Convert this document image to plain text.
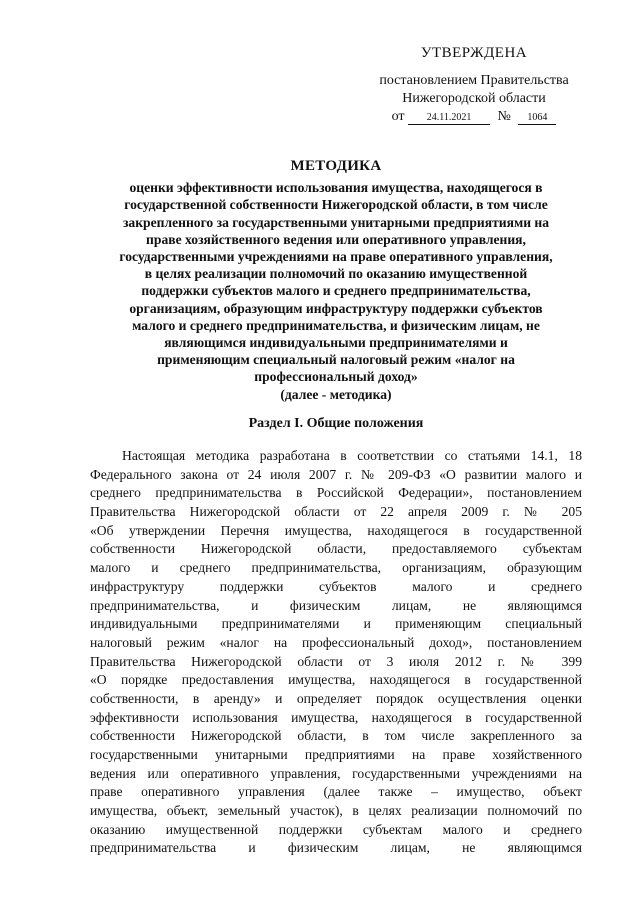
УТВЕРЖДЕНА
постановлением Правительства
Нижегородской области
от 24.11.2021 № 1064
МЕТОДИКА
оценки эффективности использования имущества, находящегося в
государственной собственности Нижегородской области, в том числе
закрепленного за государственными унитарными предприятиями на
праве хозяйственного ведения или оперативного управления,
государственными учреждениями на праве оперативного управления,
в целях реализации полномочий по оказанию имущественной
поддержки субъектов малого и среднего предпринимательства,
организациям, образующим инфраструктуру поддержки субъектов
малого и среднего предпринимательства, и физическим лицам, не
являющимся индивидуальными предпринимателями и
применяющим специальный налоговый режим «налог на
профессиональный доход»
(далее - методика)
Раздел I. Общие положения
Настоящая методика разработана в соответствии со статьями 14.1, 18
Федерального закона от 24 июля 2007 г. № 209-ФЗ «О развитии малого и
среднего предпринимательства в Российской Федерации», постановлением
Правительства Нижегородской области от 22 апреля 2009 г. № 205
«Об утверждении Перечня имущества, находящегося в государственной
собственности Нижегородской области, предоставляемого субъектам
малого и среднего предпринимательства, организациям, образующим
инфраструктуру поддержки субъектов малого и среднего
предпринимательства, и физическим лицам, не являющимся
индивидуальными предпринимателями и применяющим специальный
налоговый режим «налог на профессиональный доход», постановлением
Правительства Нижегородской области от 3 июля 2012 г. № 399
«О порядке предоставления имущества, находящегося в государственной
собственности, в аренду» и определяет порядок осуществления оценки
эффективности использования имущества, находящегося в государственной
собственности Нижегородской области, в том числе закрепленного за
государственными унитарными предприятиями на праве хозяйственного
ведения или оперативного управления, государственными учреждениями на
праве оперативного управления (далее также – имущество, объект
имущества, объект, земельный участок), в целях реализации полномочий по
оказанию имущественной поддержки субъектам малого и среднего
предпринимательства и физическим лицам, не являющимся
